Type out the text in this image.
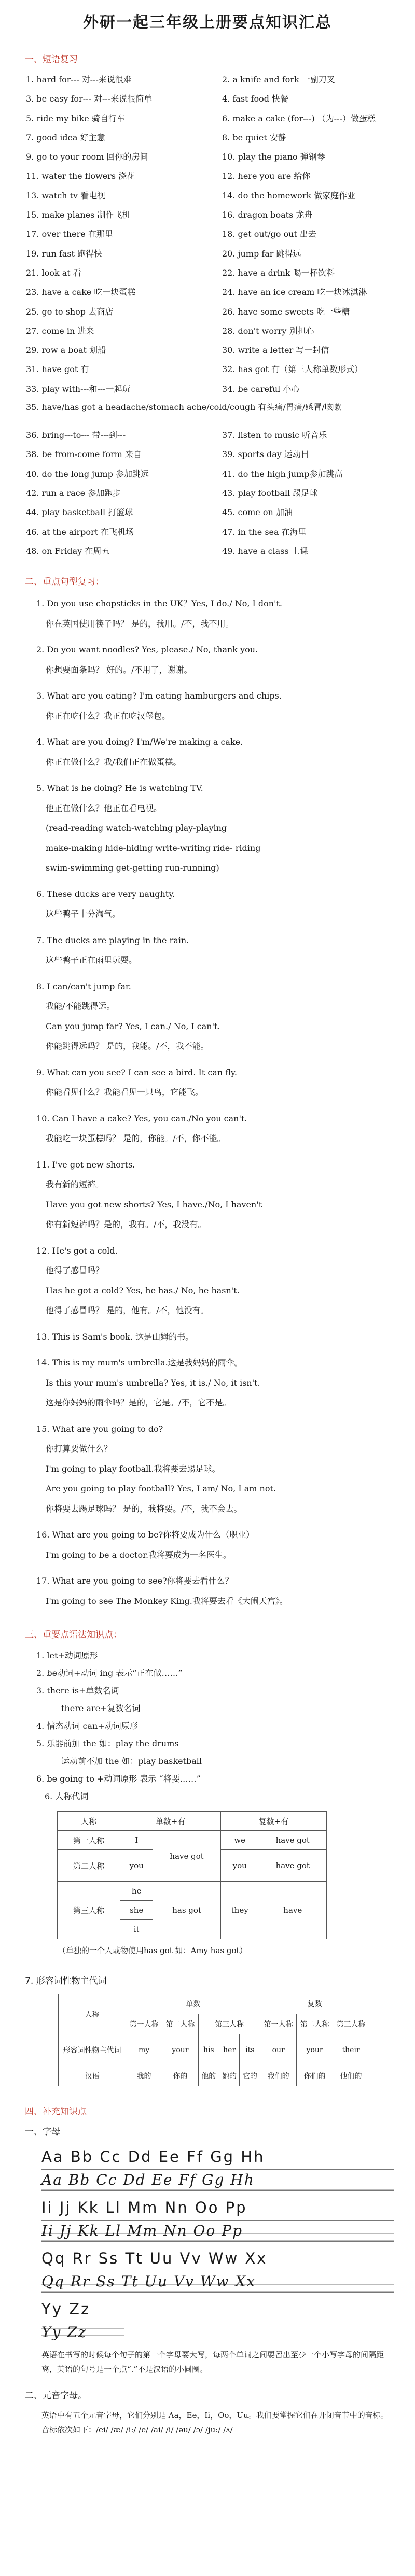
外研一起三年级上册要点知识汇总
一、短语复习
1. hard for--- 对---来说很难	2. a knife and fork 一副刀叉
3. be easy for--- 对---来说很简单	4. fast food 快餐
5. ride my bike 骑自行车	6. make a cake (for---) （为---）做蛋糕
7. good idea 好主意	8. be quiet 安静
9. go to your room 回你的房间	10. play the piano 弹钢琴
11. water the flowers 浇花	12. here you are 给你
13. watch tv 看电视	14. do the homework 做家庭作业
15. make planes 制作飞机	16. dragon boats 龙舟
17. over there 在那里	18. get out/go out 出去
19. run fast 跑得快	20. jump far 跳得远
21. look at 看	22. have a drink 喝一杯饮料
23. have a cake 吃一块蛋糕	24. have an ice cream 吃一块冰淇淋
25. go to shop 去商店	26. have some sweets 吃一些糖
27. come in 进来	28. don't worry 别担心
29. row a boat 划船	30. write a letter 写一封信
31. have got 有	32. has got 有（第三人称单数形式）
33. play with---和---一起玩	34. be careful 小心
35. have/has got a headache/stomach ache/cold/cough 有头痛/胃痛/感冒/咳嗽
36. bring---to--- 带---到---	37. listen to music 听音乐
38. be from-come form 来自	39. sports day 运动日
40. do the long jump 参加跳远	41. do the high jump参加跳高
42. run a race 参加跑步	43. play football 踢足球
44. play basketball 打篮球	45. come on 加油
46. at the airport 在飞机场	47. in the sea 在海里
48. on Friday 在周五	49. have a class 上课
二、重点句型复习：
1. Do you use chopsticks in the UK？Yes, I do./ No, I don't.
你在英国使用筷子吗？ 是的，我用。/不，我不用。
2. Do you want noodles? Yes, please./ No, thank you.
你想要面条吗？ 好的。/不用了，谢谢。
3. What are you eating? I'm eating hamburgers and chips.
你正在吃什么？我正在吃汉堡包。
4. What are you doing? I'm/We're making a cake.
你正在做什么？我/我们正在做蛋糕。
5. What is he doing? He is watching TV.
他正在做什么？他正在看电视。
(read-reading watch-watching play-playing
make-making hide-hiding write-writing ride- riding
swim-swimming get-getting run-running)
6. These ducks are very naughty.
这些鸭子十分淘气。
7. The ducks are playing in the rain.
这些鸭子正在雨里玩耍。
8. I can/can't jump far.
我能/不能跳得远。
Can you jump far? Yes, I can./ No, I can't.
你能跳得远吗？ 是的，我能。/不，我不能。
9. What can you see? I can see a bird. It can fly.
你能看见什么？我能看见一只鸟，它能飞。
10. Can I have a cake? Yes, you can./No you can't.
我能吃一块蛋糕吗？ 是的，你能。/不，你不能。
11. I've got new shorts.
我有新的短裤。
Have you got new shorts? Yes, I have./No, I haven't
你有新短裤吗？是的，我有。/不，我没有。
12. He's got a cold.
他得了感冒吗？
Has he got a cold? Yes, he has./ No, he hasn't.
他得了感冒吗？ 是的，他有。/不，他没有。
13. This is Sam's book. 这是山姆的书。
14. This is my mum's umbrella.这是我妈妈的雨伞。
Is this your mum's umbrella? Yes, it is./ No, it isn't.
这是你妈妈的雨伞吗？是的，它是。/不，它不是。
15. What are you going to do?
你打算要做什么？
I'm going to play football.我将要去踢足球。
Are you going to play football? Yes, I am/ No, I am not.
你将要去踢足球吗？ 是的，我将要。/不，我不会去。
16. What are you going to be?你将要成为什么（职业）
I'm going to be a doctor.我将要成为一名医生。
17. What are you going to see?你将要去看什么？
I'm going to see The Monkey King.我将要去看《大闹天宫》。
三、重要点语法知识点：
1. let+动词原形
2. be动词+动词 ing 表示“正在做……”
3. there is+单数名词
there are+复数名词
4. 情态动词 can+动词原形
5. 乐器前加 the 如：play the drums
运动前不加 the 如：play basketball
6. be going to +动词原形 表示 “将要……”
6. 人称代词
人称	单数+有		复数+有	
第一人称	I	have got	we	have got
第二人称	you		you	have got
第三人称	he	has got	they	have
	she			
	it			
（单独的一个人或物使用has got 如：Amy has got）
7. 形容词性物主代词
人称	单数					复数		
	第一人称	第二人称	第三人称			第一人称	第二人称	第三人称
形容词性物主代词	my	your	his	her	its	our	your	their
汉语	我的	你的	他的	她的	它的	我们的	你们的	他们的
四、补充知识点
一、字母
Aa Bb Cc Dd Ee Ff Gg Hh
Aa Bb Cc Dd Ee Ff Gg Hh
Ii Jj Kk Ll Mm Nn Oo Pp
Ii Jj Kk Ll Mm Nn Oo Pp
Qq Rr Ss Tt Uu Vv Ww Xx
Qq Rr Ss Tt Uu Vv Ww Xx
Yy Zz
Yy Zz
英语在书写的时候每个句子的第一个字母要大写，每两个单词之间要留出至少一个小写字母的间隔距离，英语的句号是一个点“.”不是汉语的小圆圈。
二、元音字母。
英语中有五个元音字母，它们分别是 Aa，Ee，Ii，Oo，Uu。我们要掌握它们在开闭音节中的音标。音标依次如下：/ei/ /æ/ /i:/ /e/ /ai/ /i/ /əu/ /ɔ/ /ju:/ /ʌ/
